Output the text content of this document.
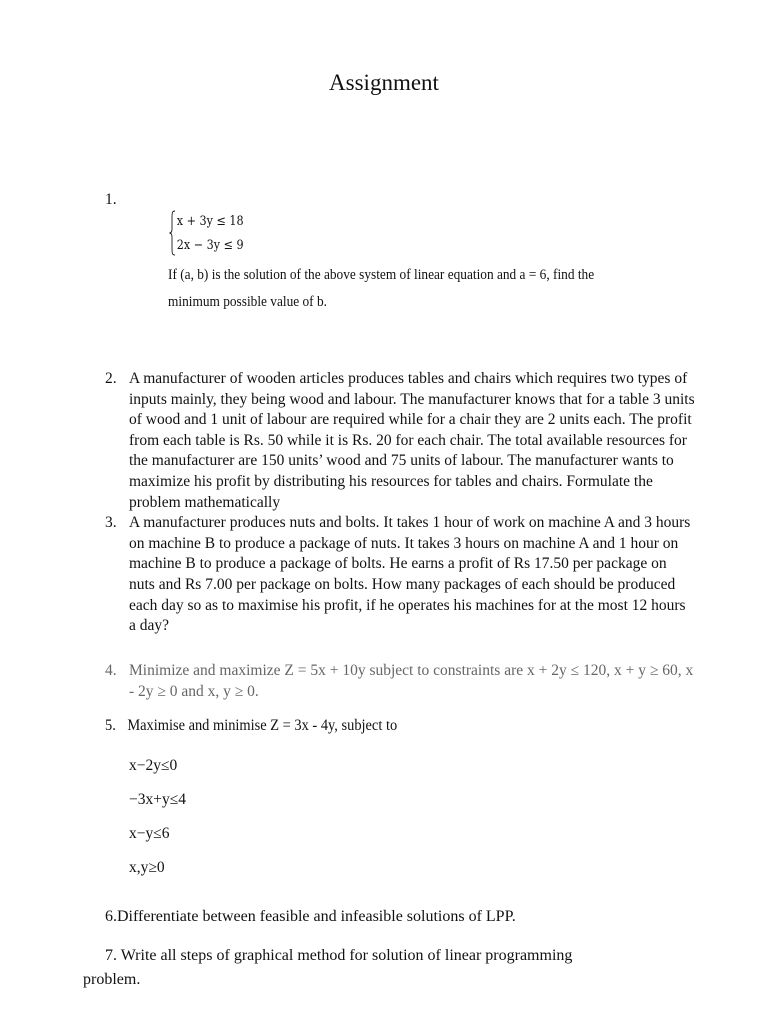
Assignment
1.
x + 3y ≤ 18
2x − 3y ≤ 9

If (a, b) is the solution of the above system of linear equation and a = 6, find the

minimum possible value of b.

2. A manufacturer of wooden articles produces tables and chairs which requires two types of inputs mainly, they being wood and labour. The manufacturer knows that for a table 3 units of wood and 1 unit of labour are required while for a chair they are 2 units each. The profit from each table is Rs. 50 while it is Rs. 20 for each chair. The total available resources for the manufacturer are 150 units’ wood and 75 units of labour. The manufacturer wants to maximize his profit by distributing his resources for tables and chairs. Formulate the problem mathematically
3. A manufacturer produces nuts and bolts. It takes 1 hour of work on machine A and 3 hours on machine B to produce a package of nuts. It takes 3 hours on machine A and 1 hour on machine B to produce a package of bolts. He earns a profit of Rs 17.50 per package on nuts and Rs 7.00 per package on bolts. How many packages of each should be produced each day so as to maximise his profit, if he operates his machines for at the most 12 hours a day?
4. Minimize and maximize Z = 5x + 10y subject to constraints are x + 2y ≤ 120, x + y ≥ 60, x - 2y ≥ 0 and x, y ≥ 0.
5. Maximise and minimise Z = 3x - 4y, subject to
x−2y≤0
−3x+y≤4
x−y≤6
x,y≥0
6.Differentiate between feasible and infeasible solutions of LPP.
7. Write all steps of graphical method for solution of linear programming
problem.
